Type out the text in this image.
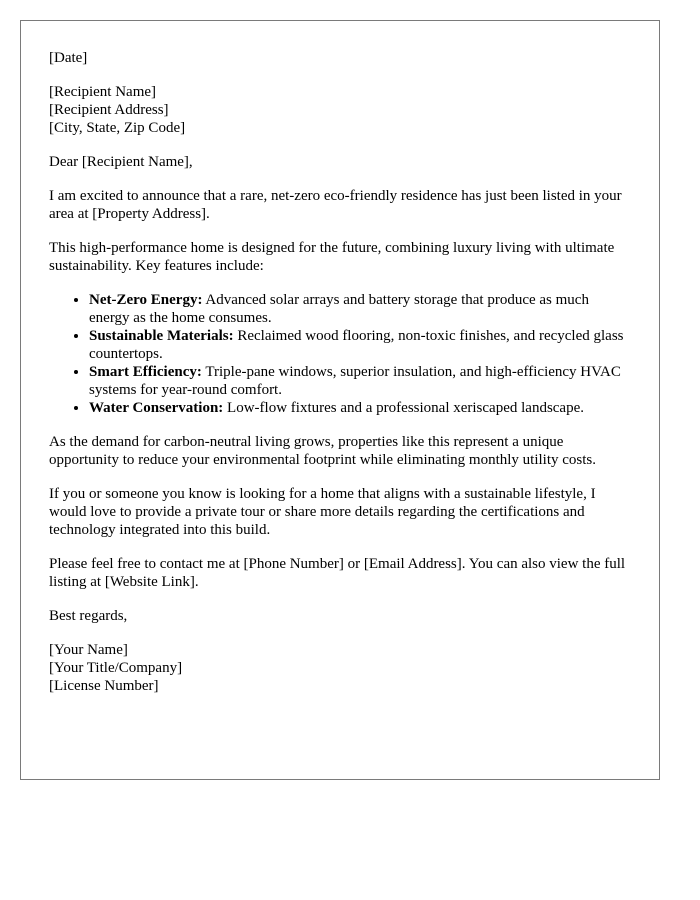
[Date]

[Recipient Name]
[Recipient Address]
[City, State, Zip Code]

Dear [Recipient Name],

I am excited to announce that a rare, net-zero eco-friendly residence has just been listed in your area at [Property Address].

This high-performance home is designed for the future, combining luxury living with ultimate sustainability. Key features include:

• Net-Zero Energy: Advanced solar arrays and battery storage that produce as much energy as the home consumes.
• Sustainable Materials: Reclaimed wood flooring, non-toxic finishes, and recycled glass countertops.
• Smart Efficiency: Triple-pane windows, superior insulation, and high-efficiency HVAC systems for year-round comfort.
• Water Conservation: Low-flow fixtures and a professional xeriscaped landscape.

As the demand for carbon-neutral living grows, properties like this represent a unique opportunity to reduce your environmental footprint while eliminating monthly utility costs.

If you or someone you know is looking for a home that aligns with a sustainable lifestyle, I would love to provide a private tour or share more details regarding the certifications and technology integrated into this build.

Please feel free to contact me at [Phone Number] or [Email Address]. You can also view the full listing at [Website Link].

Best regards,

[Your Name]
[Your Title/Company]
[License Number]
